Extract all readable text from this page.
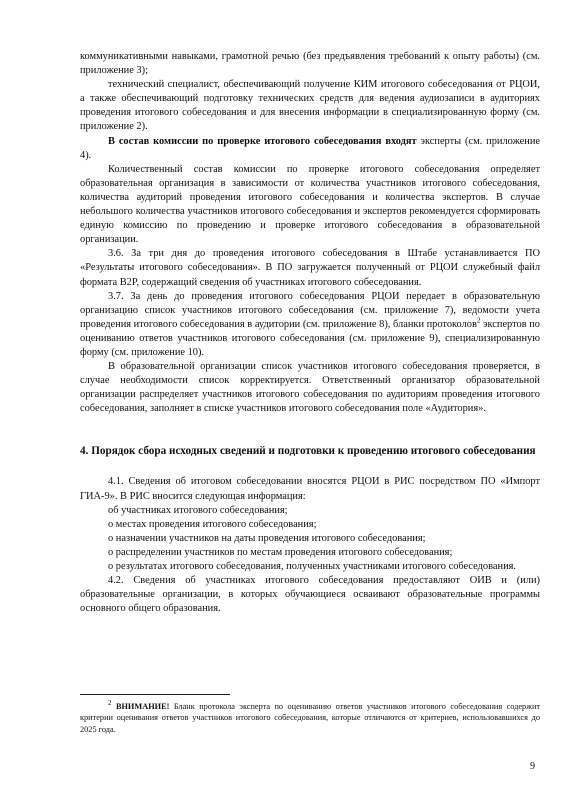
коммуникативными навыками, грамотной речью (без предъявления требований к опыту работы) (см. приложение 3);

технический специалист, обеспечивающий получение КИМ итогового собеседования от РЦОИ, а также обеспечивающий подготовку технических средств для ведения аудиозаписи в аудиториях проведения итогового собеседования и для внесения информации в специализированную форму (см. приложение 2).

В состав комиссии по проверке итогового собеседования входят эксперты (см. приложение 4).

Количественный состав комиссии по проверке итогового собеседования определяет образовательная организация в зависимости от количества участников итогового собеседования, количества аудиторий проведения итогового собеседования и количества экспертов. В случае небольшого количества участников итогового собеседования и экспертов рекомендуется сформировать единую комиссию по проведению и проверке итогового собеседования в образовательной организации.

3.6. За три дня до проведения итогового собеседования в Штабе устанавливается ПО «Результаты итогового собеседования». В ПО загружается полученный от РЦОИ служебный файл формата B2P, содержащий сведения об участниках итогового собеседования.

3.7. За день до проведения итогового собеседования РЦОИ передает в образовательную организацию список участников итогового собеседования (см. приложение 7), ведомости учета проведения итогового собеседования в аудитории (см. приложение 8), бланки протоколов$^2$ экспертов по оцениванию ответов участников итогового собеседования (см. приложение 9), специализированную форму (см. приложение 10).

В образовательной организации список участников итогового собеседования проверяется, в случае необходимости список корректируется. Ответственный организатор образовательной организации распределяет участников итогового собеседования по аудиториям проведения итогового собеседования, заполняет в списке участников итогового собеседования поле «Аудитория».

4. Порядок сбора исходных сведений и подготовки к проведению итогового собеседования

4.1. Сведения об итоговом собеседовании вносятся РЦОИ в РИС посредством ПО «Импорт ГИА-9». В РИС вносится следующая информация:

об участниках итогового собеседования;

о местах проведения итогового собеседования;

о назначении участников на даты проведения итогового собеседования;

о распределении участников по местам проведения итогового собеседования;

о результатах итогового собеседования, полученных участниками итогового собеседования.

4.2. Сведения об участниках итогового собеседования предоставляют ОИВ и (или) образовательные организации, в которых обучающиеся осваивают образовательные программы основного общего образования.

$^2$ ВНИМАНИЕ! Бланк протокола эксперта по оцениванию ответов участников итогового собеседования содержит критерии оценивания ответов участников итогового собеседования, которые отличаются от критериев, использовавшихся до 2025 года.
9
